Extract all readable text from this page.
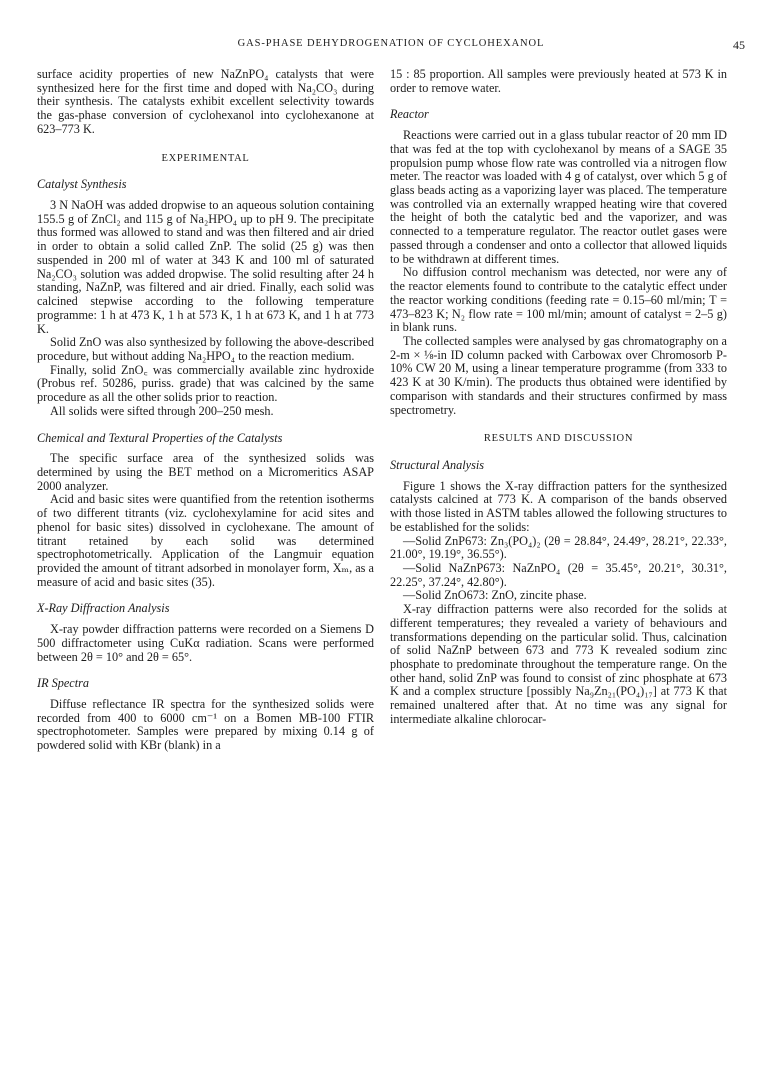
GAS-PHASE DEHYDROGENATION OF CYCLOHEXANOL	45

surface acidity properties of new NaZnPO₄ catalysts that were synthesized here for the first time and doped with Na₂CO₃ during their synthesis. The catalysts exhibit excellent selectivity towards the gas-phase conversion of cyclohexanol into cyclohexanone at 623–773 K.

EXPERIMENTAL
Catalyst Synthesis

3 N NaOH was added dropwise to an aqueous solution containing 155.5 g of ZnCl₂ and 115 g of Na₂HPO₄ up to pH 9. The precipitate thus formed was allowed to stand and was then filtered and air dried in order to obtain a solid called ZnP. The solid (25 g) was then suspended in 200 ml of water at 343 K and 100 ml of saturated Na₂CO₃ solution was added dropwise. The solid resulting after 24 h standing, NaZnP, was filtered and air dried. Finally, each solid was calcined stepwise according to the following temperature programme: 1 h at 473 K, 1 h at 573 K, 1 h at 673 K, and 1 h at 773 K.

Solid ZnO was also synthesized by following the above-described procedure, but without adding Na₂HPO₄ to the reaction medium.

Finally, solid ZnO꜀ was commercially available zinc hydroxide (Probus ref. 50286, puriss. grade) that was calcined by the same procedure as all the other solids prior to reaction.

All solids were sifted through 200–250 mesh.

Chemical and Textural Properties of the Catalysts

The specific surface area of the synthesized solids was determined by using the BET method on a Micromeritics ASAP 2000 analyzer.

Acid and basic sites were quantified from the retention isotherms of two different titrants (viz. cyclohexylamine for acid sites and phenol for basic sites) dissolved in cyclohexane. The amount of titrant retained by each solid was determined spectrophotometrically. Application of the Langmuir equation provided the amount of titrant adsorbed in monolayer form, Xₘ, as a measure of acid and basic sites (35).

X-Ray Diffraction Analysis

X-ray powder diffraction patterns were recorded on a Siemens D 500 diffractometer using CuKα radiation. Scans were performed between 2θ = 10° and 2θ = 65°.

IR Spectra

Diffuse reflectance IR spectra for the synthesized solids were recorded from 400 to 6000 cm⁻¹ on a Bomen MB-100 FTIR spectrophotometer. Samples were prepared by mixing 0.14 g of powdered solid with KBr (blank) in a

15 : 85 proportion. All samples were previously heated at 573 K in order to remove water.

Reactor

Reactions were carried out in a glass tubular reactor of 20 mm ID that was fed at the top with cyclohexanol by means of a SAGE 35 propulsion pump whose flow rate was controlled via a nitrogen flow meter. The reactor was loaded with 4 g of catalyst, over which 5 g of glass beads acting as a vaporizing layer was placed. The temperature was controlled via an externally wrapped heating wire that covered the height of both the catalytic bed and the vaporizer, and was connected to a temperature regulator. The reactor outlet gases were passed through a condenser and onto a collector that allowed liquids to be withdrawn at different times.

No diffusion control mechanism was detected, nor were any of the reactor elements found to contribute to the catalytic effect under the reactor working conditions (feeding rate = 0.15–60 ml/min; T = 473–823 K; N₂ flow rate = 100 ml/min; amount of catalyst = 2–5 g) in blank runs.

The collected samples were analysed by gas chromatography on a 2-m × ⅛-in ID column packed with Carbowax over Chromosorb P-10% CW 20 M, using a linear temperature programme (from 333 to 423 K at 30 K/min). The products thus obtained were identified by comparison with standards and their structures confirmed by mass spectrometry.

RESULTS AND DISCUSSION
Structural Analysis

Figure 1 shows the X-ray diffraction patters for the synthesized catalysts calcined at 773 K. A comparison of the bands observed with those listed in ASTM tables allowed the following structures to be established for the solids:

—Solid ZnP673: Zn₃(PO₄)₂ (2θ = 28.84°, 24.49°, 28.21°, 22.33°, 21.00°, 19.19°, 36.55°).

—Solid NaZnP673: NaZnPO₄ (2θ = 35.45°, 20.21°, 30.31°, 22.25°, 37.24°, 42.80°).

—Solid ZnO673: ZnO, zincite phase.

X-ray diffraction patterns were also recorded for the solids at different temperatures; they revealed a variety of behaviours and transformations depending on the particular solid. Thus, calcination of solid NaZnP between 673 and 773 K revealed sodium zinc phosphate to predominate throughout the temperature range. On the other hand, solid ZnP was found to consist of zinc phosphate at 673 K and a complex structure [possibly Na₉Zn₂₁(PO₄)₁₇] at 773 K that remained unaltered after that. At no time was any signal for intermediate alkaline chlorocar-
